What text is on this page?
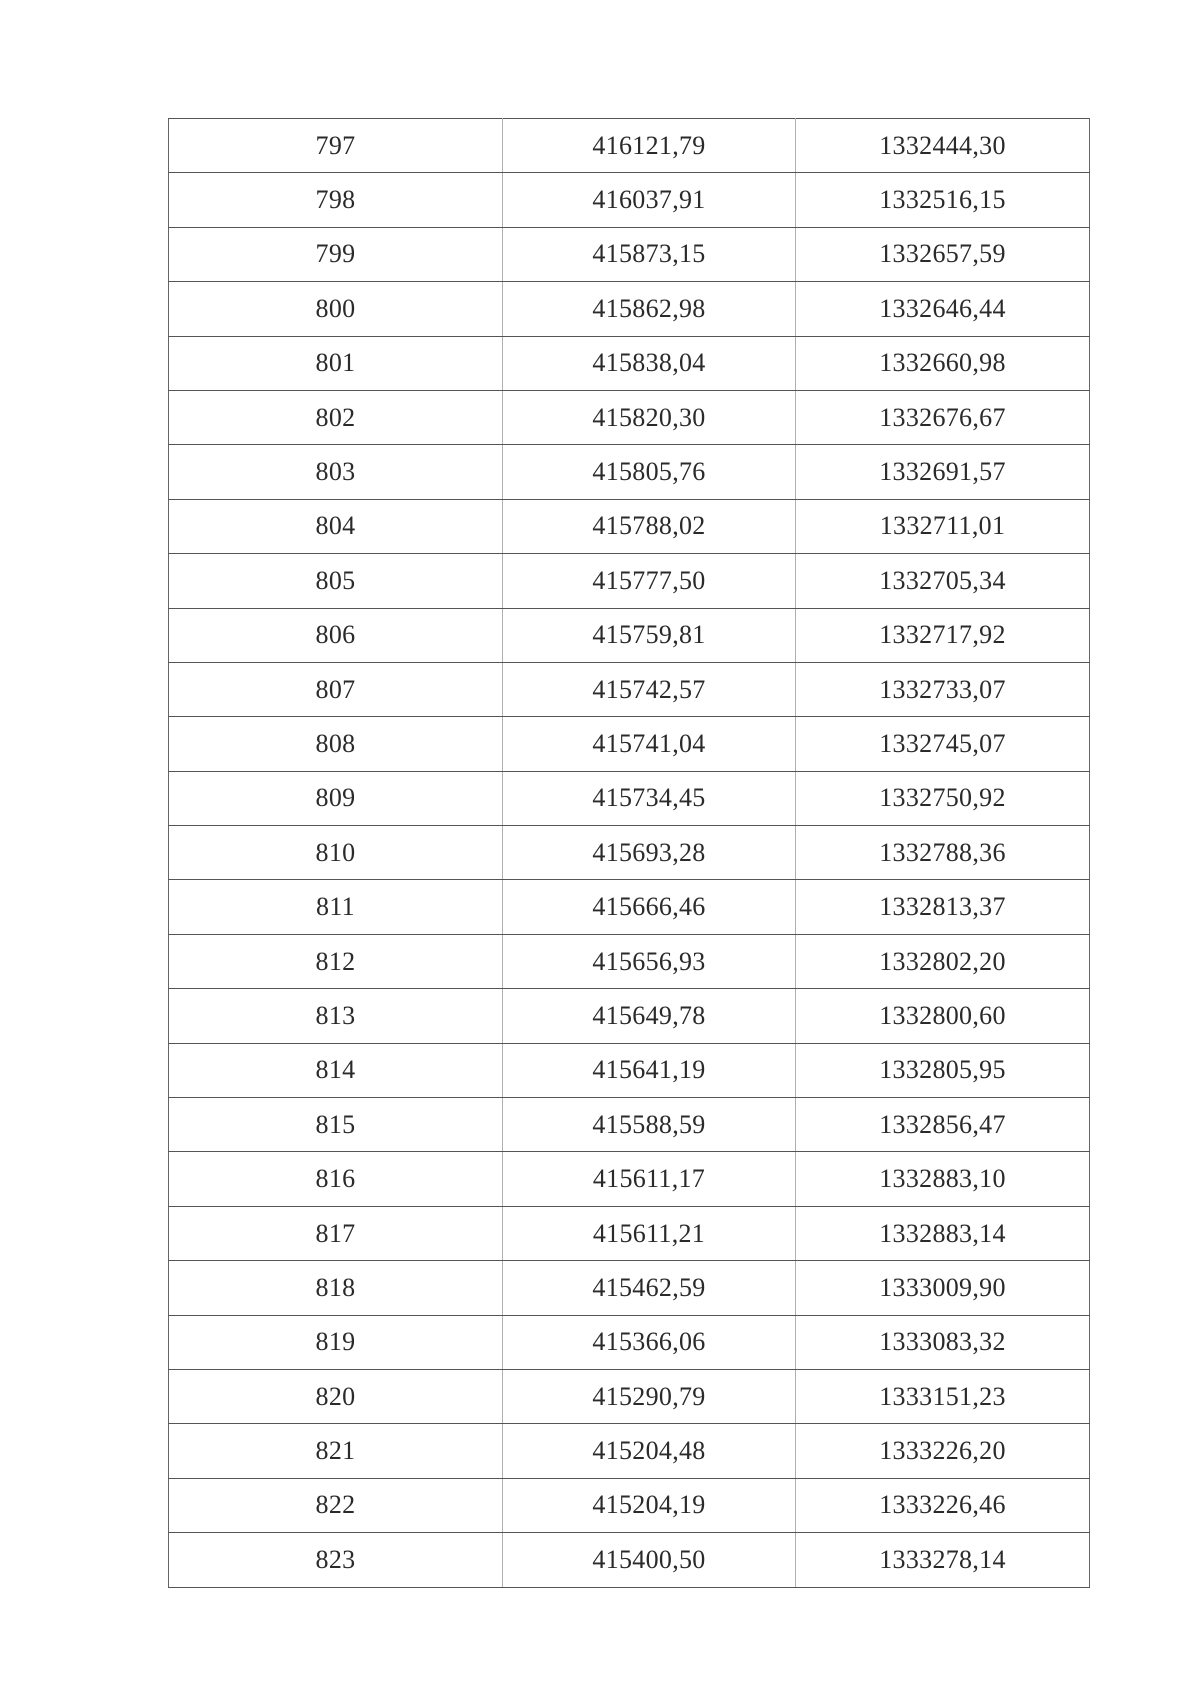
797	416121,79	1332444,30
798	416037,91	1332516,15
799	415873,15	1332657,59
800	415862,98	1332646,44
801	415838,04	1332660,98
802	415820,30	1332676,67
803	415805,76	1332691,57
804	415788,02	1332711,01
805	415777,50	1332705,34
806	415759,81	1332717,92
807	415742,57	1332733,07
808	415741,04	1332745,07
809	415734,45	1332750,92
810	415693,28	1332788,36
811	415666,46	1332813,37
812	415656,93	1332802,20
813	415649,78	1332800,60
814	415641,19	1332805,95
815	415588,59	1332856,47
816	415611,17	1332883,10
817	415611,21	1332883,14
818	415462,59	1333009,90
819	415366,06	1333083,32
820	415290,79	1333151,23
821	415204,48	1333226,20
822	415204,19	1333226,46
823	415400,50	1333278,14
